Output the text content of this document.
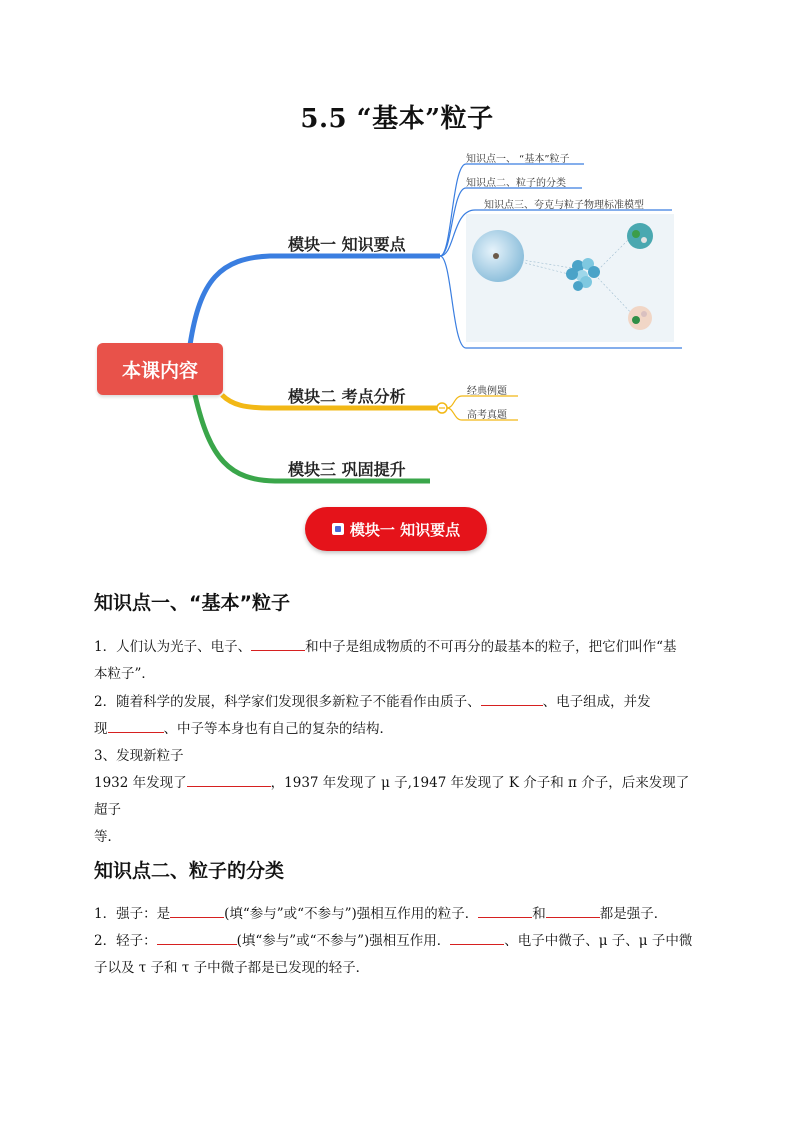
5.5 “基本”粒子
本课内容
模块一 知识要点
模块二 考点分析
模块三 巩固提升
知识点一、 “基本”粒子
知识点二、粒子的分类
知识点三、夸克与粒子物理标准模型
经典例题
高考真题
模块一 知识要点
知识点一、“基本”粒子
1．人们认为光子、电子、	和中子是组成物质的不可再分的最基本的粒子，把它们叫作“基
本粒子”．
2．随着科学的发展，科学家们发现很多新粒子不能看作由质子、	、电子组成，并发
现	、中子等本身也有自己的复杂的结构．
3、发现新粒子
1932 年发现了	，1937 年发现了 μ 子,1947 年发现了 K 介子和 π 介子，后来发现了超子
等．
知识点二、粒子的分类
1．强子：是	(填“参与”或“不参与”)强相互作用的粒子．	和	都是强子．
2．轻子：	(填“参与”或“不参与”)强相互作用．	、电子中微子、μ 子、μ 子中微
子以及 τ 子和 τ 子中微子都是已发现的轻子．
